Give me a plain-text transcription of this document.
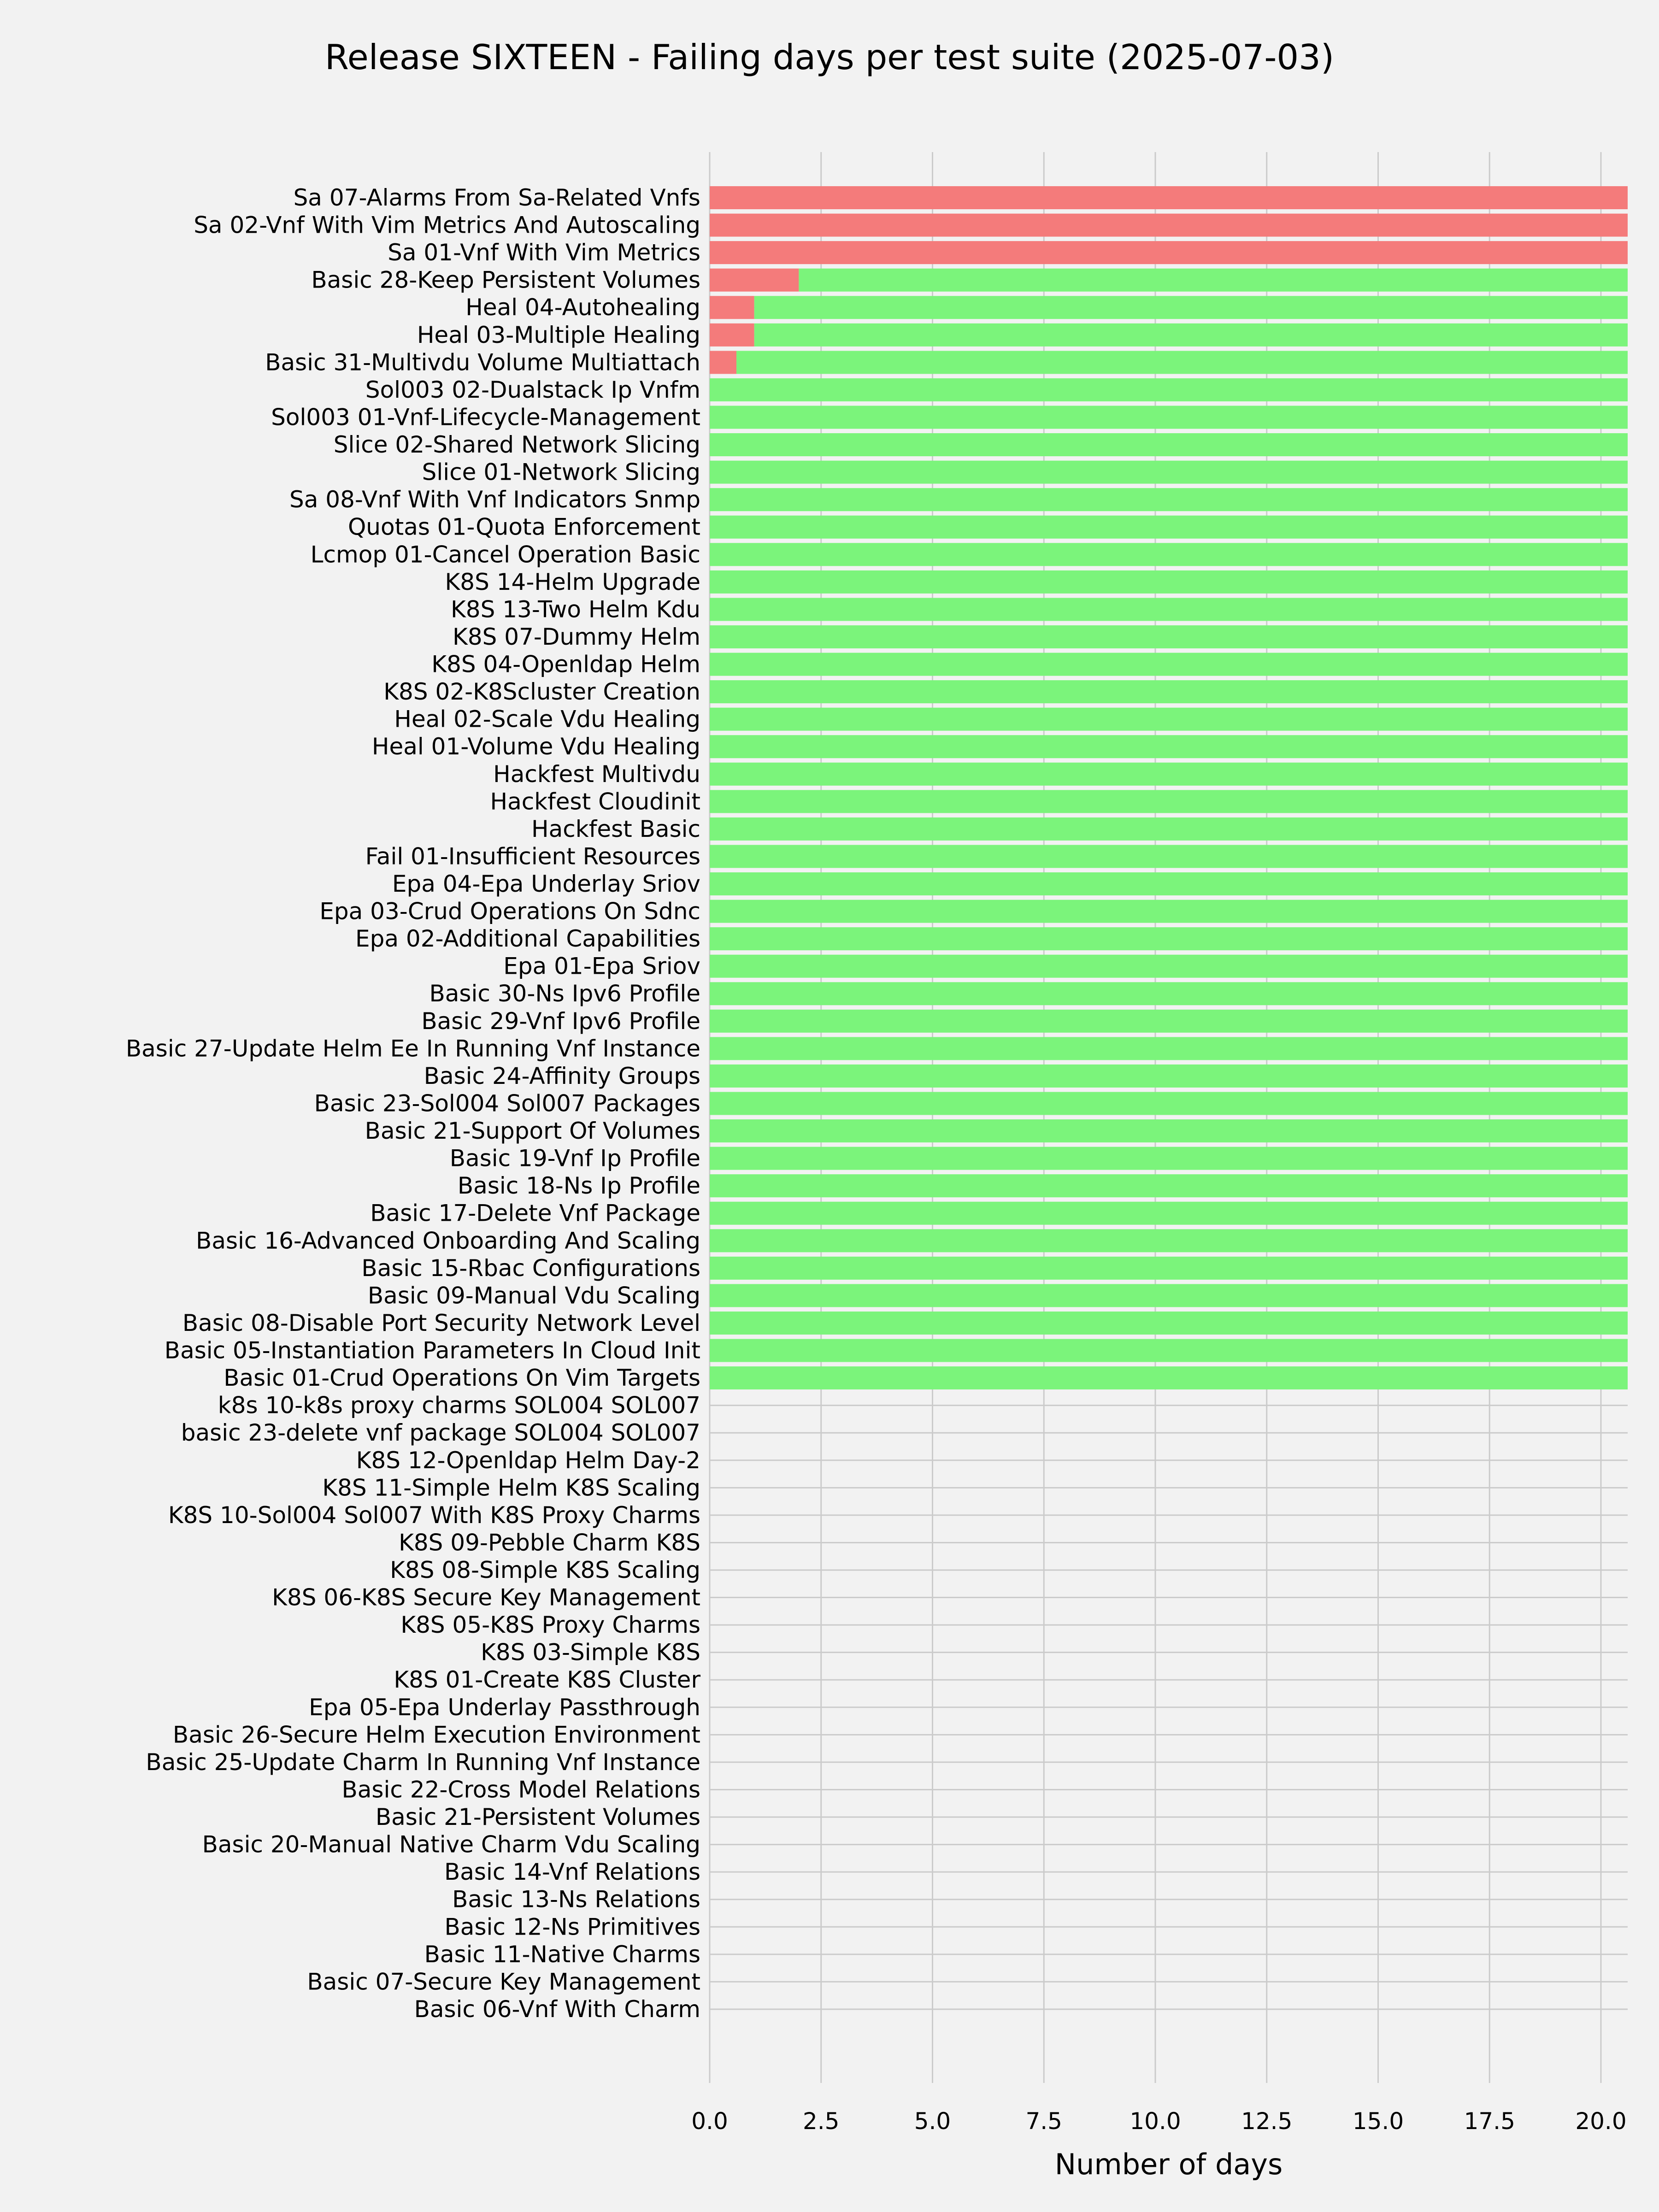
Sa 07-Alarms From Sa-Related Vnfs
Sa 02-Vnf With Vim Metrics And Autoscaling
Sa 01-Vnf With Vim Metrics
Basic 28-Keep Persistent Volumes
Heal 04-Autohealing
Heal 03-Multiple Healing
Basic 31-Multivdu Volume Multiattach
Sol003 02-Dualstack Ip Vnfm
Sol003 01-Vnf-Lifecycle-Management
Slice 02-Shared Network Slicing
Slice 01-Network Slicing
Sa 08-Vnf With Vnf Indicators Snmp
Quotas 01-Quota Enforcement
Lcmop 01-Cancel Operation Basic
K8S 14-Helm Upgrade
K8S 13-Two Helm Kdu
K8S 07-Dummy Helm
K8S 04-Openldap Helm
K8S 02-K8Scluster Creation
Heal 02-Scale Vdu Healing
Heal 01-Volume Vdu Healing
Hackfest Multivdu
Hackfest Cloudinit
Hackfest Basic
Fail 01-Insufficient Resources
Epa 04-Epa Underlay Sriov
Epa 03-Crud Operations On Sdnc
Epa 02-Additional Capabilities
Epa 01-Epa Sriov
Basic 30-Ns Ipv6 Profile
Basic 29-Vnf Ipv6 Profile
Basic 27-Update Helm Ee In Running Vnf Instance
Basic 24-Affinity Groups
Basic 23-Sol004 Sol007 Packages
Basic 21-Support Of Volumes
Basic 19-Vnf Ip Profile
Basic 18-Ns Ip Profile
Basic 17-Delete Vnf Package
Basic 16-Advanced Onboarding And Scaling
Basic 15-Rbac Configurations
Basic 09-Manual Vdu Scaling
Basic 08-Disable Port Security Network Level
Basic 05-Instantiation Parameters In Cloud Init
Basic 01-Crud Operations On Vim Targets
k8s 10-k8s proxy charms SOL004 SOL007
basic 23-delete vnf package SOL004 SOL007
K8S 12-Openldap Helm Day-2
K8S 11-Simple Helm K8S Scaling
K8S 10-Sol004 Sol007 With K8S Proxy Charms
K8S 09-Pebble Charm K8S
K8S 08-Simple K8S Scaling
K8S 06-K8S Secure Key Management
K8S 05-K8S Proxy Charms
K8S 03-Simple K8S
K8S 01-Create K8S Cluster
Epa 05-Epa Underlay Passthrough
Basic 26-Secure Helm Execution Environment
Basic 25-Update Charm In Running Vnf Instance
Basic 22-Cross Model Relations
Basic 21-Persistent Volumes
Basic 20-Manual Native Charm Vdu Scaling
Basic 14-Vnf Relations
Basic 13-Ns Relations
Basic 12-Ns Primitives
Basic 11-Native Charms
Basic 07-Secure Key Management
Basic 06-Vnf With Charm
0.0	2.5	5.0	7.5	10.0	12.5	15.0	17.5	20.0
Release SIXTEEN - Failing days per test suite (2025-07-03)
Number of days
